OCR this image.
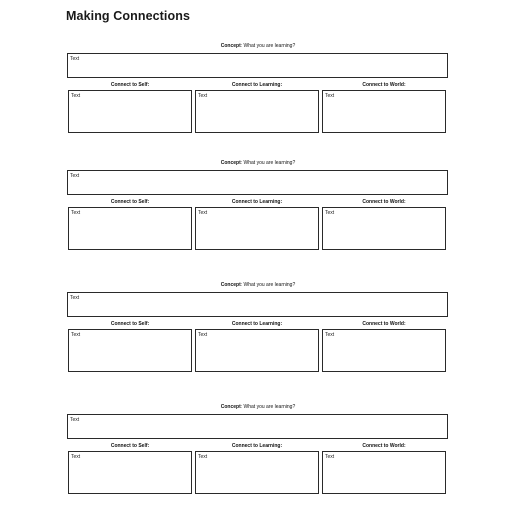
Making Connections
Concept: What you are learning?
Text
Connect to Self:	Connect to Learning:	Connect to World:
Text	Text	Text
Concept: What you are learning?
Text
Connect to Self:	Connect to Learning:	Connect to World:
Text	Text	Text
Concept: What you are learning?
Text
Connect to Self:	Connect to Learning:	Connect to World:
Text	Text	Text
Concept: What you are learning?
Text
Connect to Self:	Connect to Learning:	Connect to World:
Text	Text	Text
